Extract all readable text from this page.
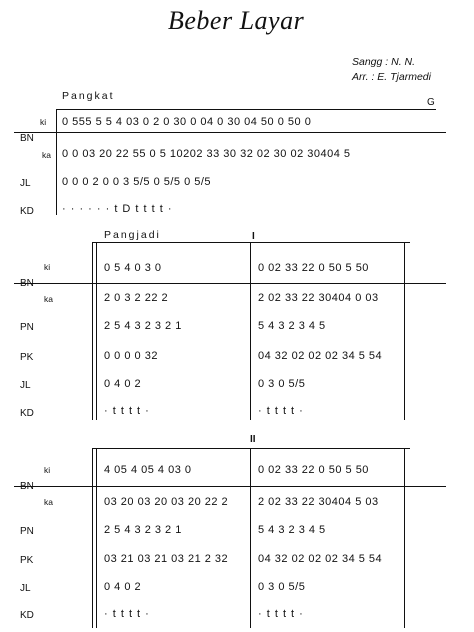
Beber Layar
Sangg : N. N.
Arr. : E. Tjarmedi
Pangkat
G
ki
BN
ka
JL
KD
0 555 5 5 4 03 0 2 0 30 0 04 0 30 04 50 0 50 0
0 0 03 20 22 55 0 5 10202 33 30 32 02 30 02 30404 5
0 0 0 2 0 0 3 5/5 0 5/5 0 5/5
· · · · · · t D t t t t ·
Pangjadi	I
ki
BN
ka
PN
PK
JL
KD
0 5 4 0 3 0
2 0 3 2 22 2
2 5 4 3 2 3 2 1
0 0 0 0 32
0 4 0 2
· t t t t ·
0 02 33 22 0 50 5 50
2 02 33 22 30404 0 03
5 4 3 2 3 4 5
04 32 02 02 02 34 5 54
0 3 0 5/5
· t t t t ·
II
ki
BN
ka
PN
PK
JL
KD
4 05 4 05 4 03 0
03 20 03 20 03 20 22 2
2 5 4 3 2 3 2 1
03 21 03 21 03 21 2 32
0 4 0 2
· t t t t ·
0 02 33 22 0 50 5 50
2 02 33 22 30404 5 03
5 4 3 2 3 4 5
04 32 02 02 02 34 5 54
0 3 0 5/5
· t t t t ·
